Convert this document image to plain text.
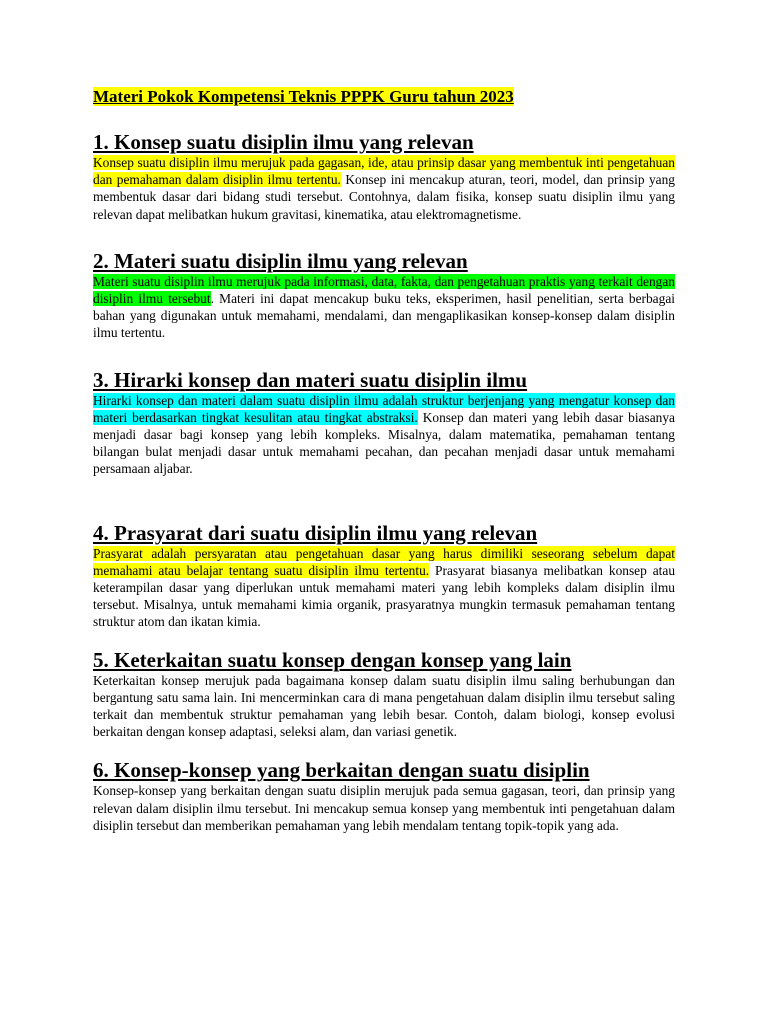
Materi Pokok Kompetensi Teknis PPPK Guru tahun 2023
1. Konsep suatu disiplin ilmu yang relevan

Konsep suatu disiplin ilmu merujuk pada gagasan, ide, atau prinsip dasar yang membentuk inti pengetahuan dan pemahaman dalam disiplin ilmu tertentu. Konsep ini mencakup aturan, teori, model, dan prinsip yang membentuk dasar dari bidang studi tersebut. Contohnya, dalam fisika, konsep suatu disiplin ilmu yang relevan dapat melibatkan hukum gravitasi, kinematika, atau elektromagnetisme.

2. Materi suatu disiplin ilmu yang relevan

Materi suatu disiplin ilmu merujuk pada informasi, data, fakta, dan pengetahuan praktis yang terkait dengan disiplin ilmu tersebut. Materi ini dapat mencakup buku teks, eksperimen, hasil penelitian, serta berbagai bahan yang digunakan untuk memahami, mendalami, dan mengaplikasikan konsep-konsep dalam disiplin ilmu tertentu.

3. Hirarki konsep dan materi suatu disiplin ilmu

Hirarki konsep dan materi dalam suatu disiplin ilmu adalah struktur berjenjang yang mengatur konsep dan materi berdasarkan tingkat kesulitan atau tingkat abstraksi. Konsep dan materi yang lebih dasar biasanya menjadi dasar bagi konsep yang lebih kompleks. Misalnya, dalam matematika, pemahaman tentang bilangan bulat menjadi dasar untuk memahami pecahan, dan pecahan menjadi dasar untuk memahami persamaan aljabar.

4. Prasyarat dari suatu disiplin ilmu yang relevan

Prasyarat adalah persyaratan atau pengetahuan dasar yang harus dimiliki seseorang sebelum dapat memahami atau belajar tentang suatu disiplin ilmu tertentu. Prasyarat biasanya melibatkan konsep atau keterampilan dasar yang diperlukan untuk memahami materi yang lebih kompleks dalam disiplin ilmu tersebut. Misalnya, untuk memahami kimia organik, prasyaratnya mungkin termasuk pemahaman tentang struktur atom dan ikatan kimia.

5. Keterkaitan suatu konsep dengan konsep yang lain

Keterkaitan konsep merujuk pada bagaimana konsep dalam suatu disiplin ilmu saling berhubungan dan bergantung satu sama lain. Ini mencerminkan cara di mana pengetahuan dalam disiplin ilmu tersebut saling terkait dan membentuk struktur pemahaman yang lebih besar. Contoh, dalam biologi, konsep evolusi berkaitan dengan konsep adaptasi, seleksi alam, dan variasi genetik.

6. Konsep-konsep yang berkaitan dengan suatu disiplin

Konsep-konsep yang berkaitan dengan suatu disiplin merujuk pada semua gagasan, teori, dan prinsip yang relevan dalam disiplin ilmu tersebut. Ini mencakup semua konsep yang membentuk inti pengetahuan dalam disiplin tersebut dan memberikan pemahaman yang lebih mendalam tentang topik-topik yang ada.
